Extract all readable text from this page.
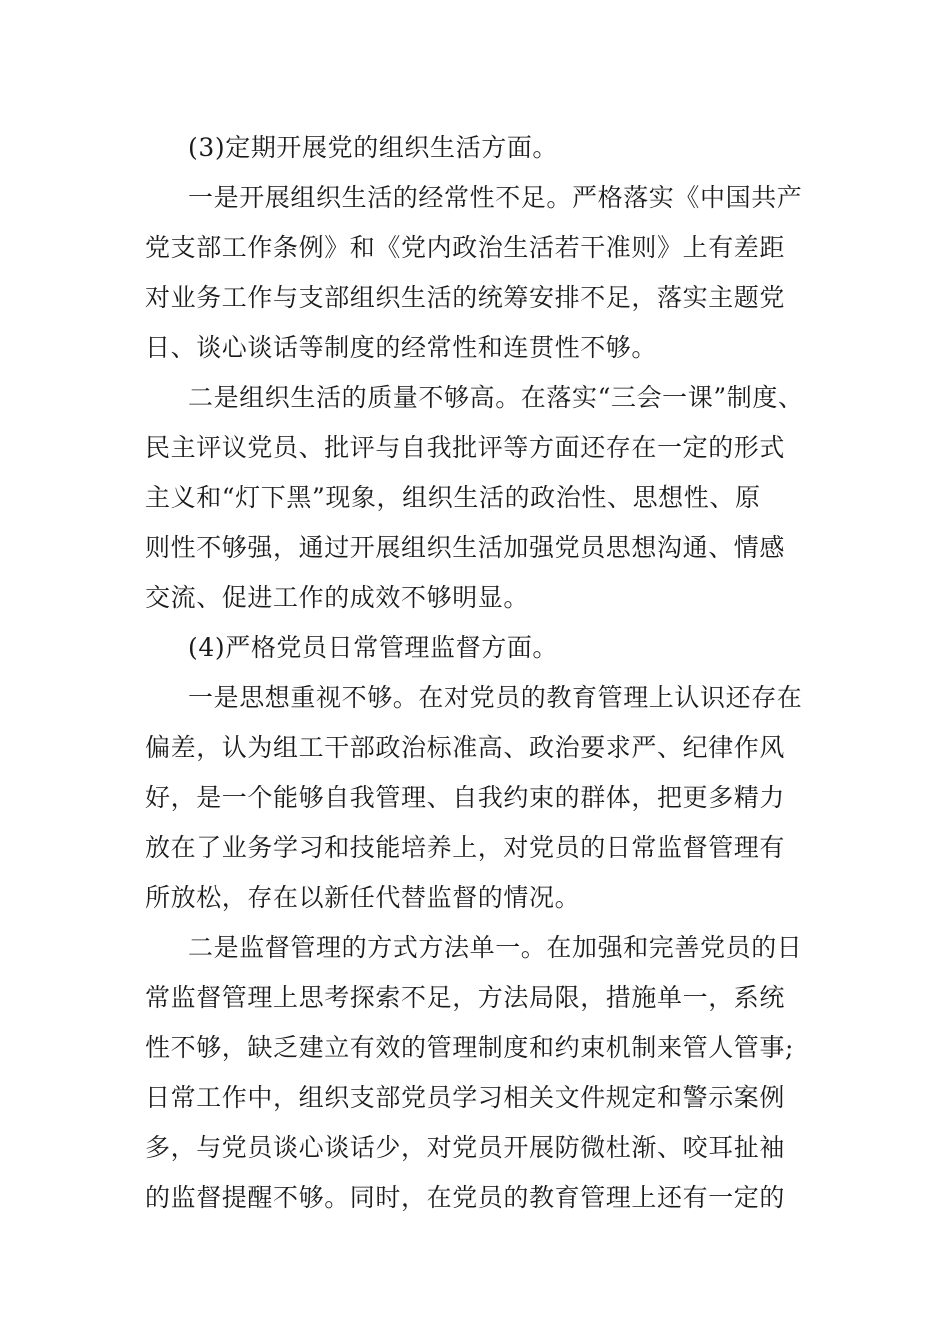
(3)定期开展党的组织生活方面。
一是开展组织生活的经常性不足。严格落实《中国共产
党支部工作条例》和《党内政治生活若干准则》上有差距
对业务工作与支部组织生活的统筹安排不足，落实主题党
日、谈心谈话等制度的经常性和连贯性不够。
二是组织生活的质量不够高。在落实“三会一课”制度、
民主评议党员、批评与自我批评等方面还存在一定的形式
主义和“灯下黑”现象，组织生活的政治性、思想性、原
则性不够强，通过开展组织生活加强党员思想沟通、情感
交流、促进工作的成效不够明显。
(4)严格党员日常管理监督方面。
一是思想重视不够。在对党员的教育管理上认识还存在
偏差，认为组工干部政治标准高、政治要求严、纪律作风
好，是一个能够自我管理、自我约束的群体，把更多精力
放在了业务学习和技能培养上，对党员的日常监督管理有
所放松，存在以新任代替监督的情况。
二是监督管理的方式方法单一。在加强和完善党员的日
常监督管理上思考探索不足，方法局限，措施单一，系统
性不够，缺乏建立有效的管理制度和约束机制来管人管事;
日常工作中，组织支部党员学习相关文件规定和警示案例
多，与党员谈心谈话少，对党员开展防微杜渐、咬耳扯袖
的监督提醒不够。同时，在党员的教育管理上还有一定的
